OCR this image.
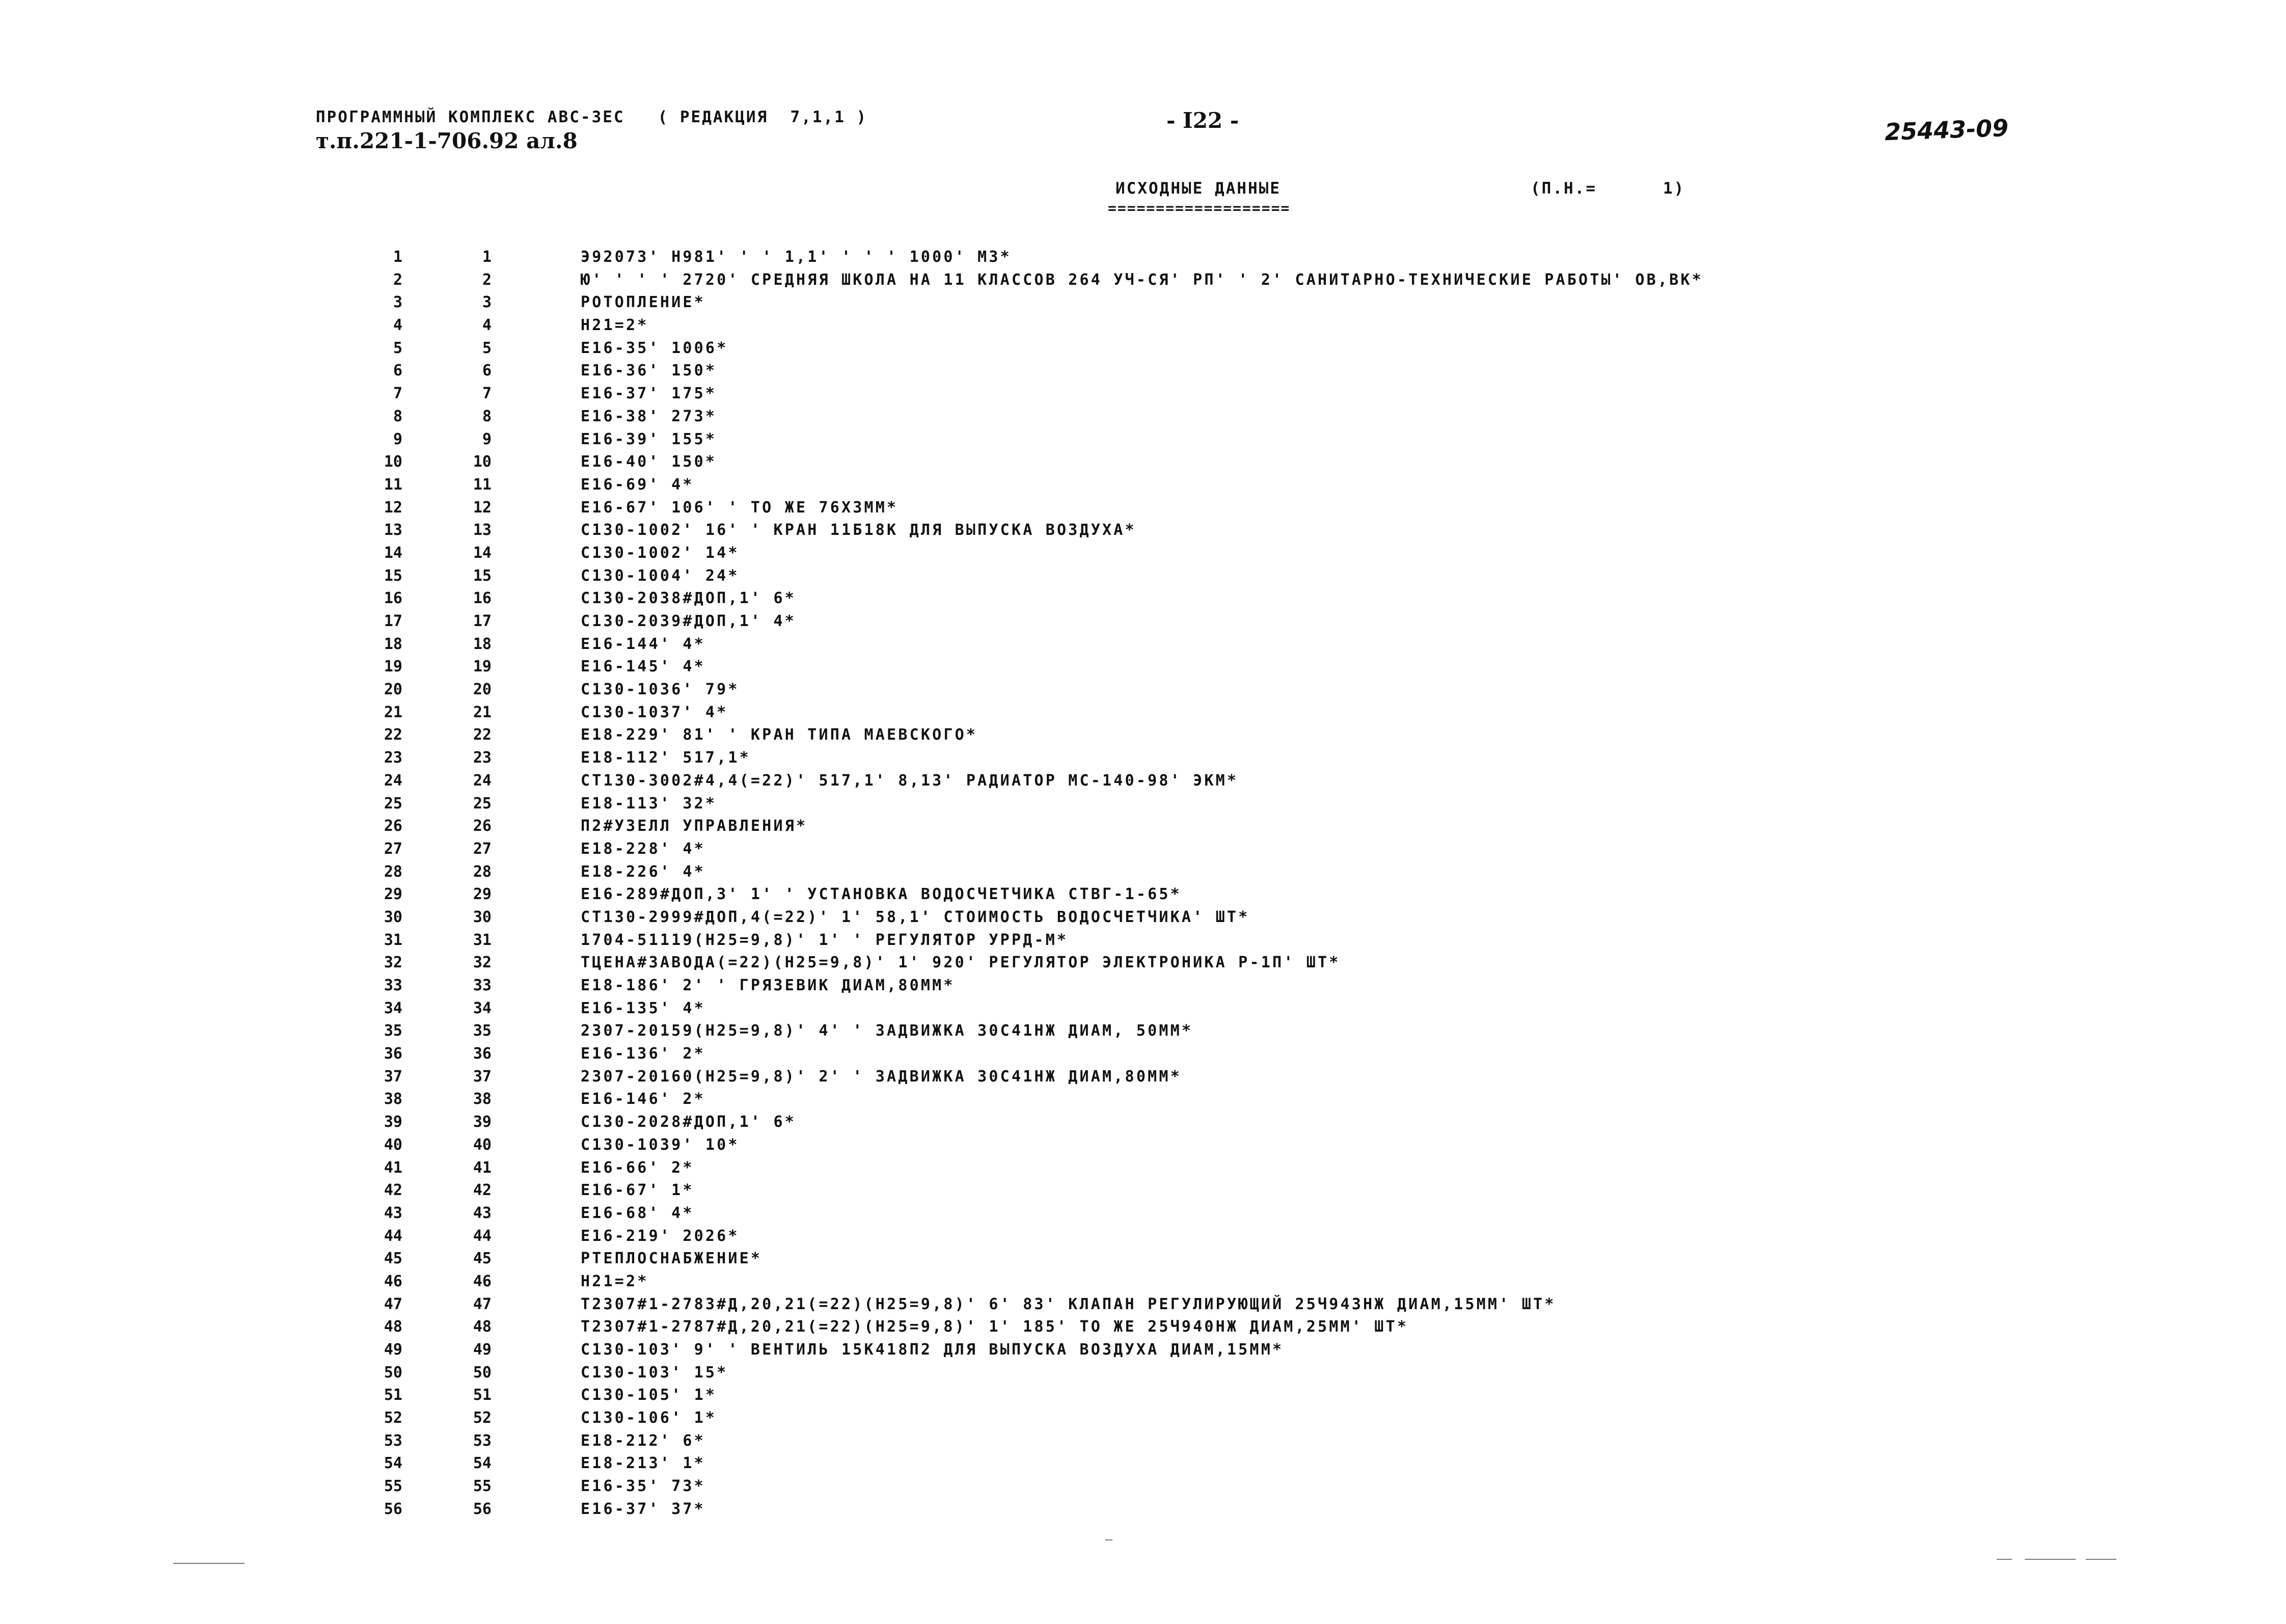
ПРОГРАММНЫЙ КОМПЛЕКС АВС-3ЕС   ( РЕДАКЦИЯ  7,1,1 )
т.п.221-1-706.92 ал.8
- I22 -	25443-09
ИСХОДНЫЕ ДАННЫЕ
===================
(П.Н.=      1)
1	1	Э92073' Н981' ' ' 1,1' ' ' ' 1000' М3*
2	2	Ю' ' ' ' 2720' СРЕДНЯЯ ШКОЛА НА 11 КЛАССОВ 264 УЧ-СЯ' РП' ' 2' САНИТАРНО-ТЕХНИЧЕСКИЕ РАБОТЫ' ОВ,ВК*
3	3	РОТОПЛЕНИЕ*
4	4	Н21=2*
5	5	Е16-35' 1006*
6	6	Е16-36' 150*
7	7	Е16-37' 175*
8	8	Е16-38' 273*
9	9	Е16-39' 155*
10	10	Е16-40' 150*
11	11	Е16-69' 4*
12	12	Е16-67' 106' ' ТО ЖЕ 76Х3ММ*
13	13	С130-1002' 16' ' КРАН 11Б18К ДЛЯ ВЫПУСКА ВОЗДУХА*
14	14	С130-1002' 14*
15	15	С130-1004' 24*
16	16	С130-2038#ДОП,1' 6*
17	17	С130-2039#ДОП,1' 4*
18	18	Е16-144' 4*
19	19	Е16-145' 4*
20	20	С130-1036' 79*
21	21	С130-1037' 4*
22	22	Е18-229' 81' ' КРАН ТИПА МАЕВСКОГО*
23	23	Е18-112' 517,1*
24	24	СТ130-3002#4,4(=22)' 517,1' 8,13' РАДИАТОР МС-140-98' ЭКМ*
25	25	Е18-113' 32*
26	26	П2#УЗЕЛЛ УПРАВЛЕНИЯ*
27	27	Е18-228' 4*
28	28	Е18-226' 4*
29	29	Е16-289#ДОП,3' 1' ' УСТАНОВКА ВОДОСЧЕТЧИКА СТВГ-1-65*
30	30	СТ130-2999#ДОП,4(=22)' 1' 58,1' СТОИМОСТЬ ВОДОСЧЕТЧИКА' ШТ*
31	31	1704-51119(Н25=9,8)' 1' ' РЕГУЛЯТОР УРРД-М*
32	32	ТЦЕНА#ЗАВОДА(=22)(Н25=9,8)' 1' 920' РЕГУЛЯТОР ЭЛЕКТРОНИКА Р-1П' ШТ*
33	33	Е18-186' 2' ' ГРЯЗЕВИК ДИАМ,80ММ*
34	34	Е16-135' 4*
35	35	2307-20159(Н25=9,8)' 4' ' ЗАДВИЖКА 30С41НЖ ДИАМ, 50ММ*
36	36	Е16-136' 2*
37	37	2307-20160(Н25=9,8)' 2' ' ЗАДВИЖКА 30С41НЖ ДИАМ,80ММ*
38	38	Е16-146' 2*
39	39	С130-2028#ДОП,1' 6*
40	40	С130-1039' 10*
41	41	Е16-66' 2*
42	42	Е16-67' 1*
43	43	Е16-68' 4*
44	44	Е16-219' 2026*
45	45	РТЕПЛОСНАБЖЕНИЕ*
46	46	Н21=2*
47	47	Т2307#1-2783#Д,20,21(=22)(Н25=9,8)' 6' 83' КЛАПАН РЕГУЛИРУЮЩИЙ 25Ч943НЖ ДИАМ,15ММ' ШТ*
48	48	Т2307#1-2787#Д,20,21(=22)(Н25=9,8)' 1' 185' ТО ЖЕ 25Ч940НЖ ДИАМ,25ММ' ШТ*
49	49	С130-103' 9' ' ВЕНТИЛЬ 15К418П2 ДЛЯ ВЫПУСКА ВОЗДУХА ДИАМ,15ММ*
50	50	С130-103' 15*
51	51	С130-105' 1*
52	52	С130-106' 1*
53	53	Е18-212' 6*
54	54	Е18-213' 1*
55	55	Е16-35' 73*
56	56	Е16-37' 37*
